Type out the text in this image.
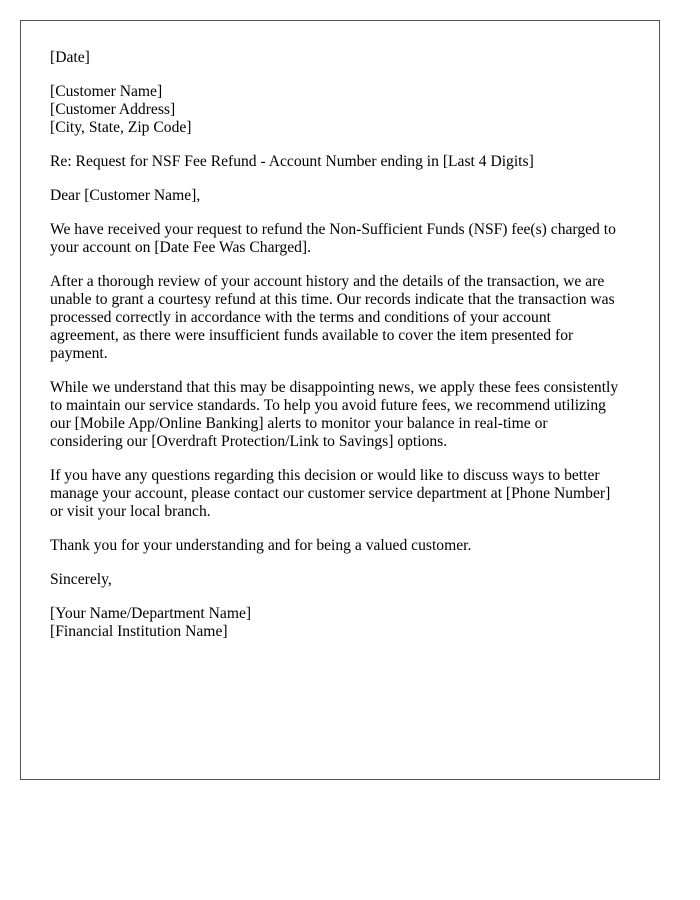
[Date]
[Customer Name]
[Customer Address]
[City, State, Zip Code]
Re: Request for NSF Fee Refund - Account Number ending in [Last 4 Digits]
Dear [Customer Name],

We have received your request to refund the Non-Sufficient Funds (NSF) fee(s) charged to
your account on [Date Fee Was Charged].

After a thorough review of your account history and the details of the transaction, we are
unable to grant a courtesy refund at this time. Our records indicate that the transaction was
processed correctly in accordance with the terms and conditions of your account
agreement, as there were insufficient funds available to cover the item presented for
payment.

While we understand that this may be disappointing news, we apply these fees consistently
to maintain our service standards. To help you avoid future fees, we recommend utilizing
our [Mobile App/Online Banking] alerts to monitor your balance in real-time or
considering our [Overdraft Protection/Link to Savings] options.

If you have any questions regarding this decision or would like to discuss ways to better
manage your account, please contact our customer service department at [Phone Number]
or visit your local branch.

Thank you for your understanding and for being a valued customer.

Sincerely,
[Your Name/Department Name]
[Financial Institution Name]
